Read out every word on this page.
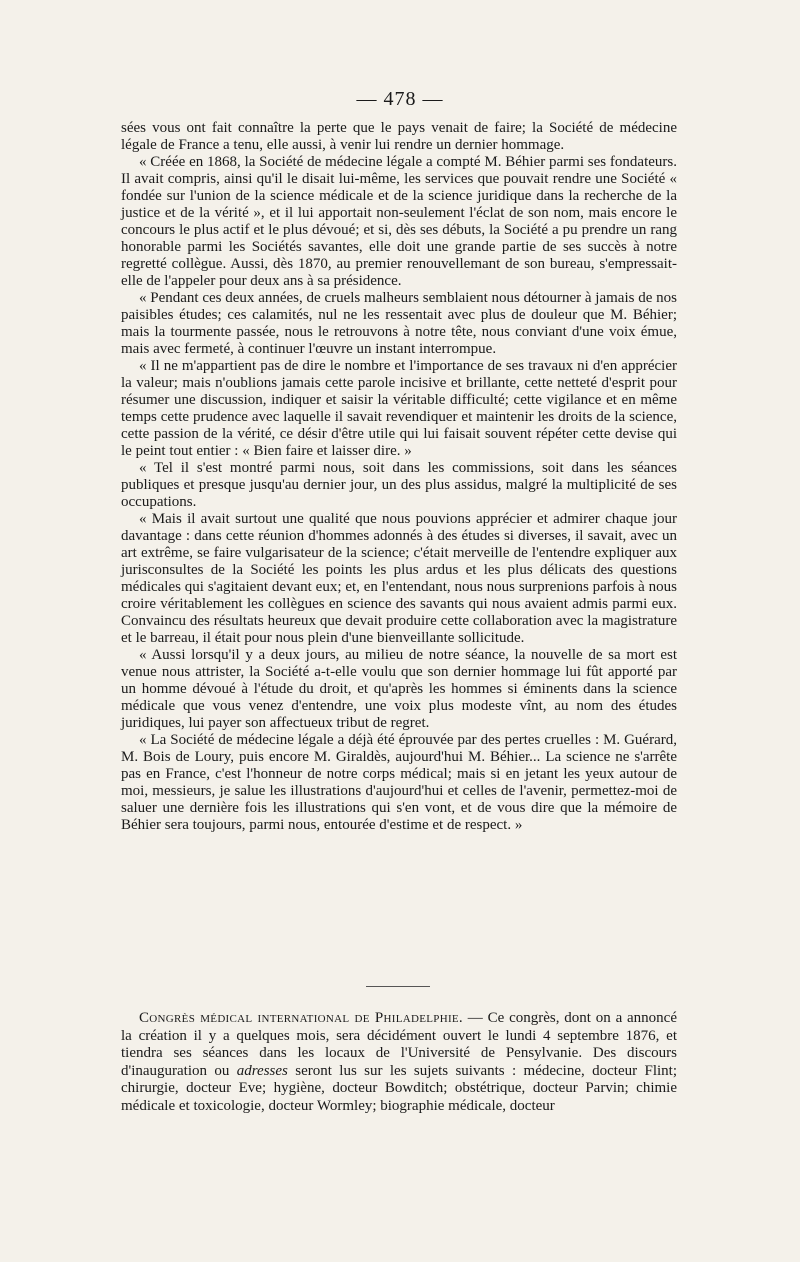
— 478 —

sées vous ont fait connaître la perte que le pays venait de faire; la Société de médecine légale de France a tenu, elle aussi, à venir lui rendre un dernier hommage.

« Créée en 1868, la Société de médecine légale a compté M. Béhier parmi ses fondateurs. Il avait compris, ainsi qu'il le disait lui-même, les services que pouvait rendre une Société « fondée sur l'union de la science médicale et de la science juridique dans la recherche de la justice et de la vérité », et il lui apportait non-seulement l'éclat de son nom, mais encore le concours le plus actif et le plus dévoué; et si, dès ses débuts, la Société a pu prendre un rang honorable parmi les Sociétés savantes, elle doit une grande partie de ses succès à notre regretté collègue. Aussi, dès 1870, au premier renouvellemant de son bureau, s'empressait-elle de l'appeler pour deux ans à sa présidence.

« Pendant ces deux années, de cruels malheurs semblaient nous détourner à jamais de nos paisibles études; ces calamités, nul ne les ressentait avec plus de douleur que M. Béhier; mais la tourmente passée, nous le retrouvons à notre tête, nous conviant d'une voix émue, mais avec fermeté, à continuer l'œuvre un instant interrompue.

« Il ne m'appartient pas de dire le nombre et l'importance de ses travaux ni d'en apprécier la valeur; mais n'oublions jamais cette parole incisive et brillante, cette netteté d'esprit pour résumer une discussion, indiquer et saisir la véritable difficulté; cette vigilance et en même temps cette prudence avec laquelle il savait revendiquer et maintenir les droits de la science, cette passion de la vérité, ce désir d'être utile qui lui faisait souvent répéter cette devise qui le peint tout entier : « Bien faire et laisser dire. »

« Tel il s'est montré parmi nous, soit dans les commissions, soit dans les séances publiques et presque jusqu'au dernier jour, un des plus assidus, malgré la multiplicité de ses occupations.

« Mais il avait surtout une qualité que nous pouvions apprécier et admirer chaque jour davantage : dans cette réunion d'hommes adonnés à des études si diverses, il savait, avec un art extrême, se faire vulgarisateur de la science; c'était merveille de l'entendre expliquer aux jurisconsultes de la Société les points les plus ardus et les plus délicats des questions médicales qui s'agitaient devant eux; et, en l'entendant, nous nous surprenions parfois à nous croire véritablement les collègues en science des savants qui nous avaient admis parmi eux. Convaincu des résultats heureux que devait produire cette collaboration avec la magistrature et le barreau, il était pour nous plein d'une bienveillante sollicitude.

« Aussi lorsqu'il y a deux jours, au milieu de notre séance, la nouvelle de sa mort est venue nous attrister, la Société a-t-elle voulu que son dernier hommage lui fût apporté par un homme dévoué à l'étude du droit, et qu'après les hommes si éminents dans la science médicale que vous venez d'entendre, une voix plus modeste vînt, au nom des études juridiques, lui payer son affectueux tribut de regret.

« La Société de médecine légale a déjà été éprouvée par des pertes cruelles : M. Guérard, M. Bois de Loury, puis encore M. Giraldès, aujourd'hui M. Béhier... La science ne s'arrête pas en France, c'est l'honneur de notre corps médical; mais si en jetant les yeux autour de moi, messieurs, je salue les illustrations d'aujourd'hui et celles de l'avenir, permettez-moi de saluer une dernière fois les illustrations qui s'en vont, et de vous dire que la mémoire de Béhier sera toujours, parmi nous, entourée d'estime et de respect. »

Congrès médical international de Philadelphie. — Ce congrès, dont on a annoncé la création il y a quelques mois, sera décidément ouvert le lundi 4 septembre 1876, et tiendra ses séances dans les locaux de l'Université de Pensylvanie. Des discours d'inauguration ou adresses seront lus sur les sujets suivants : médecine, docteur Flint; chirurgie, docteur Eve; hygiène, docteur Bowditch; obstétrique, docteur Parvin; chimie médicale et toxicologie, docteur Wormley; biographie médicale, docteur
